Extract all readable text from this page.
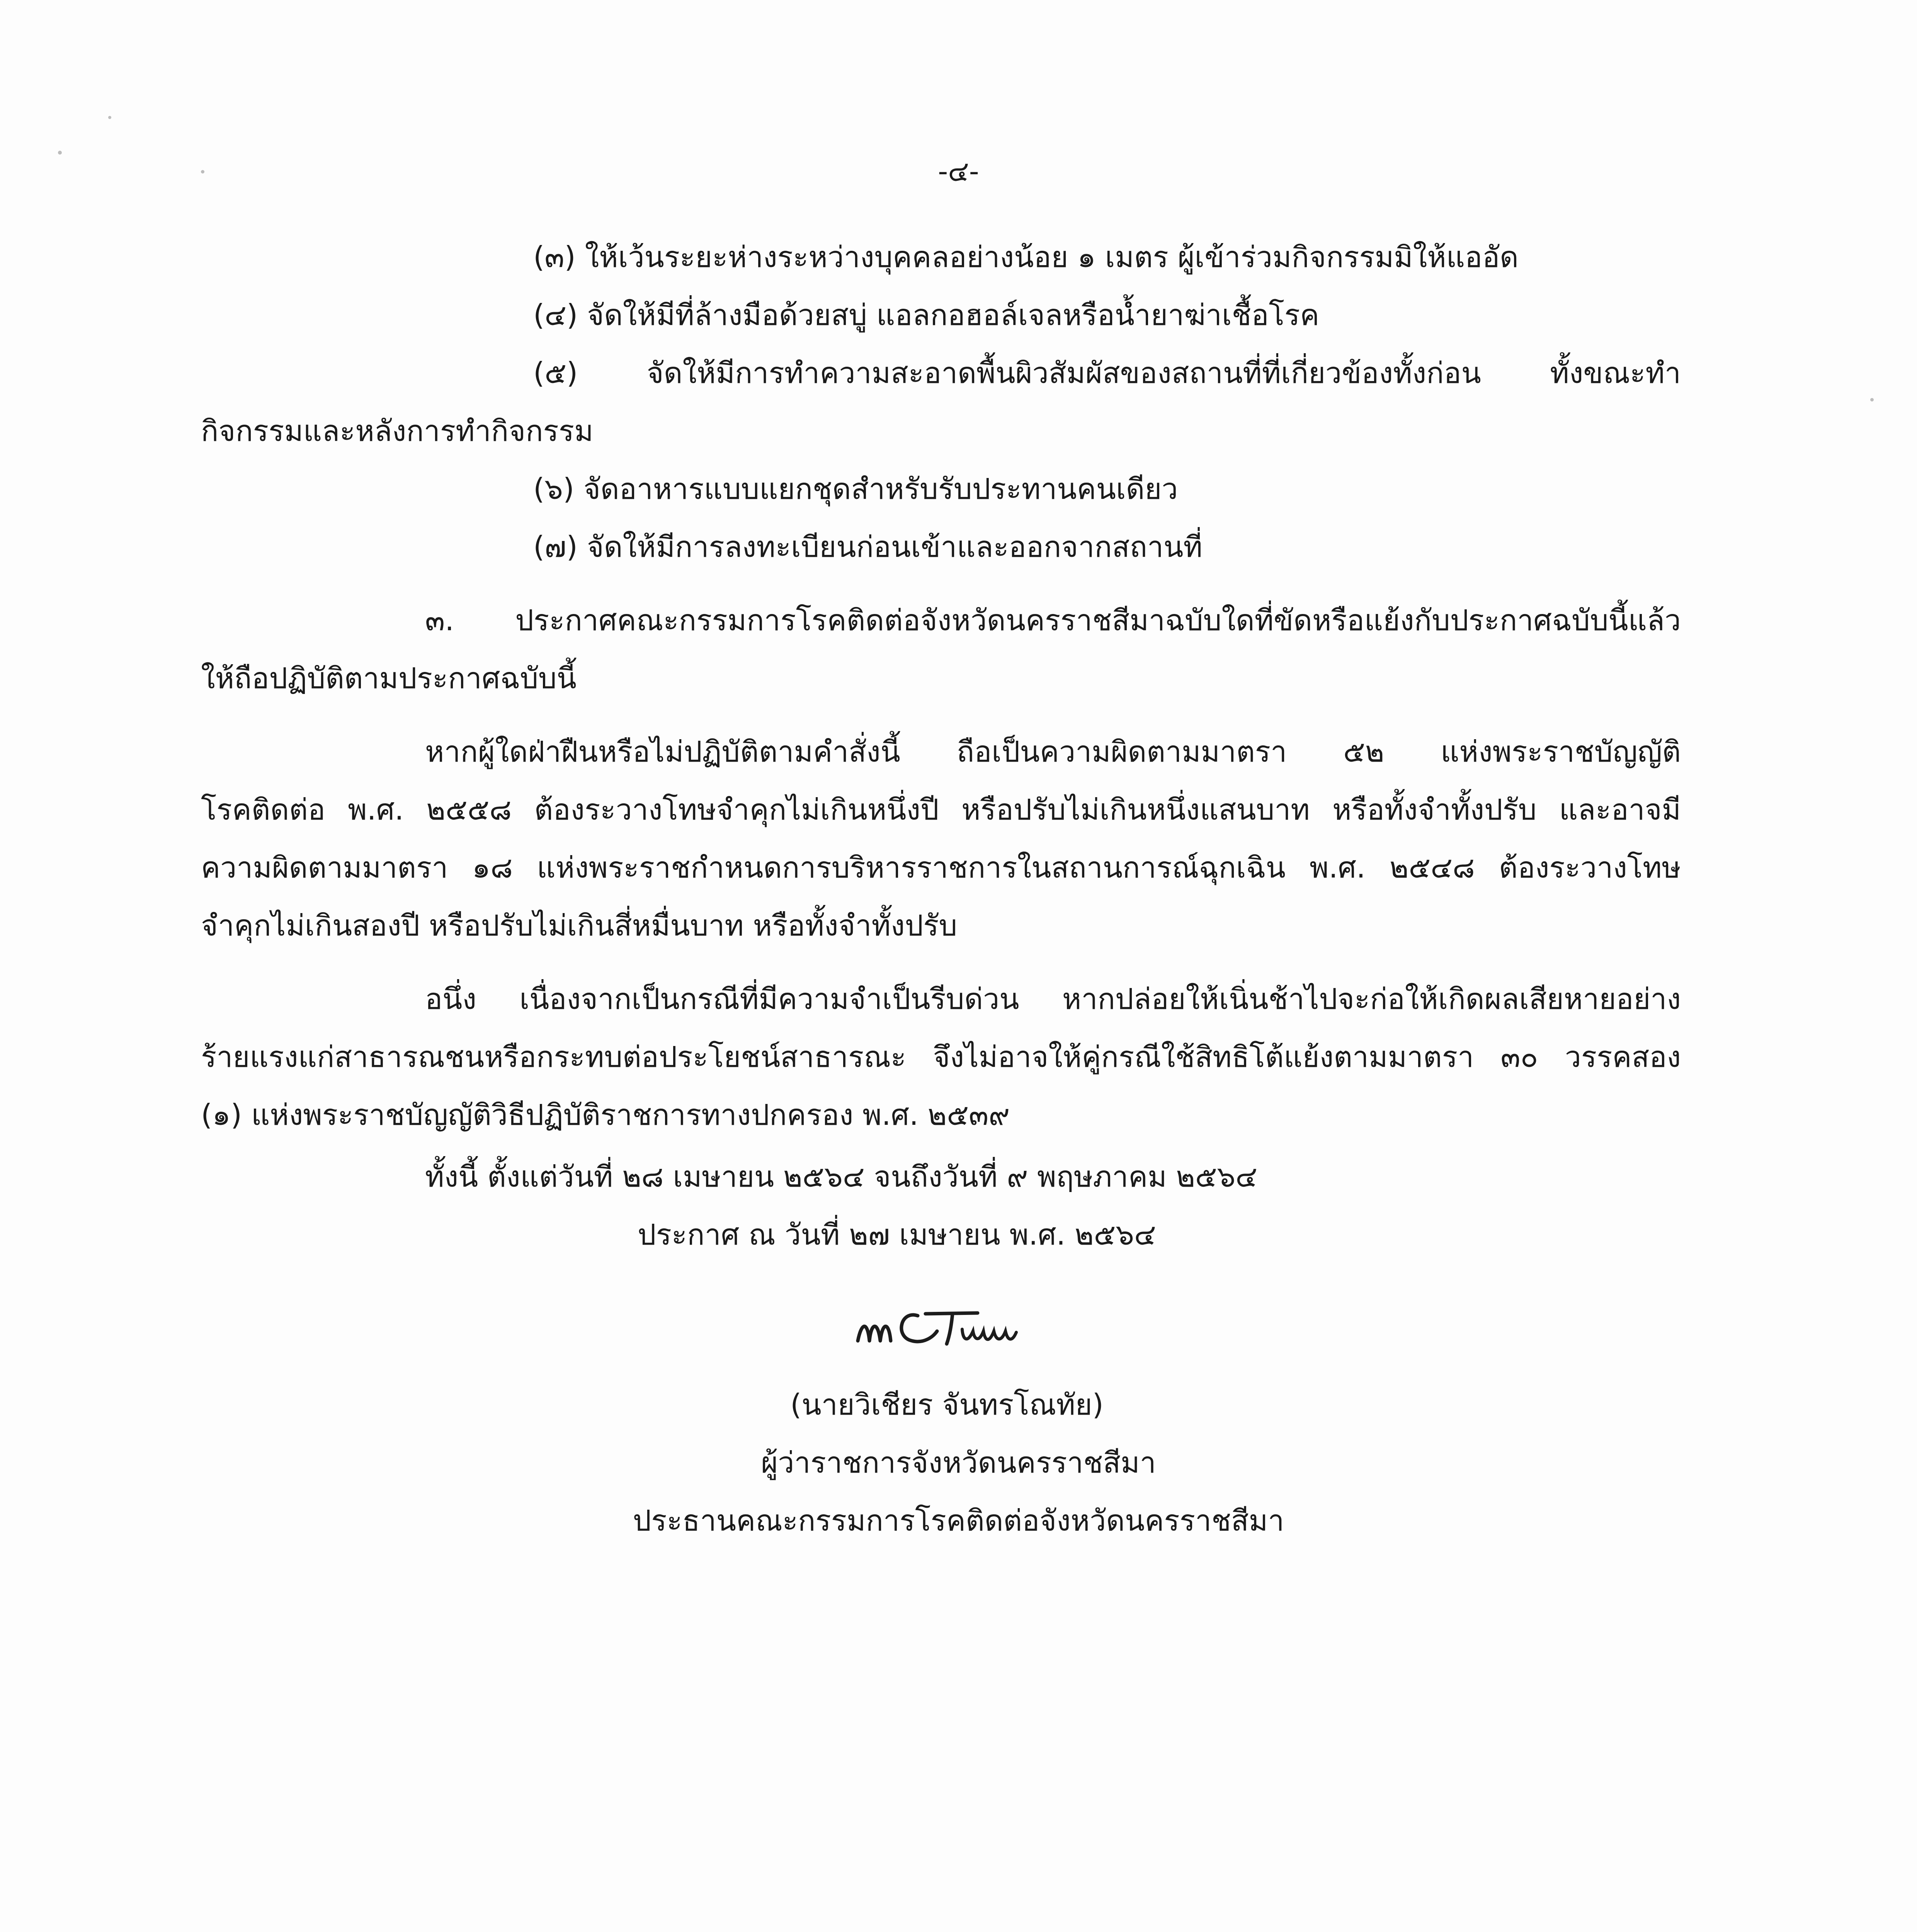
-๔-
(๓) ให้เว้นระยะห่างระหว่างบุคคลอย่างน้อย ๑ เมตร ผู้เข้าร่วมกิจกรรมมิให้แออัด
(๔) จัดให้มีที่ล้างมือด้วยสบู่ แอลกอฮอล์เจลหรือน้ำยาฆ่าเชื้อโรค
(๕) จัดให้มีการทำความสะอาดพื้นผิวสัมผัสของสถานที่ที่เกี่ยวข้องทั้งก่อน ทั้งขณะทำ
กิจกรรมและหลังการทำกิจกรรม
(๖) จัดอาหารแบบแยกชุดสำหรับรับประทานคนเดียว
(๗) จัดให้มีการลงทะเบียนก่อนเข้าและออกจากสถานที่
๓. ประกาศคณะกรรมการโรคติดต่อจังหวัดนครราชสีมาฉบับใดที่ขัดหรือแย้งกับประกาศฉบับนี้แล้ว
ให้ถือปฏิบัติตามประกาศฉบับนี้
หากผู้ใดฝ่าฝืนหรือไม่ปฏิบัติตามคำสั่งนี้ ถือเป็นความผิดตามมาตรา ๕๒ แห่งพระราชบัญญัติ
โรคติดต่อ พ.ศ. ๒๕๕๘ ต้องระวางโทษจำคุกไม่เกินหนึ่งปี หรือปรับไม่เกินหนึ่งแสนบาท หรือทั้งจำทั้งปรับ และอาจมี
ความผิดตามมาตรา ๑๘ แห่งพระราชกำหนดการบริหารราชการในสถานการณ์ฉุกเฉิน พ.ศ. ๒๕๔๘ ต้องระวางโทษ
จำคุกไม่เกินสองปี หรือปรับไม่เกินสี่หมื่นบาท หรือทั้งจำทั้งปรับ
อนึ่ง เนื่องจากเป็นกรณีที่มีความจำเป็นรีบด่วน หากปล่อยให้เนิ่นช้าไปจะก่อให้เกิดผลเสียหายอย่าง
ร้ายแรงแก่สาธารณชนหรือกระทบต่อประโยชน์สาธารณะ จึงไม่อาจให้คู่กรณีใช้สิทธิโต้แย้งตามมาตรา ๓๐ วรรคสอง
(๑) แห่งพระราชบัญญัติวิธีปฏิบัติราชการทางปกครอง พ.ศ. ๒๕๓๙
ทั้งนี้ ตั้งแต่วันที่ ๒๘ เมษายน ๒๕๖๔ จนถึงวันที่ ๙ พฤษภาคม ๒๕๖๔
ประกาศ ณ วันที่ ๒๗ เมษายน พ.ศ. ๒๕๖๔
(นายวิเชียร จันทรโณทัย)
ผู้ว่าราชการจังหวัดนครราชสีมา
ประธานคณะกรรมการโรคติดต่อจังหวัดนครราชสีมา
